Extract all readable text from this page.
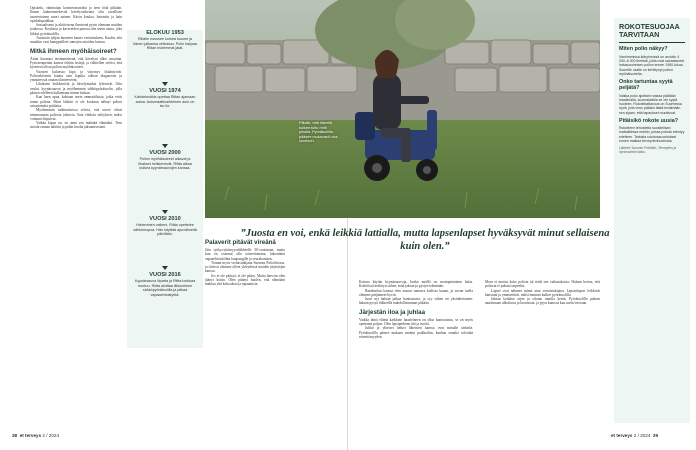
Opiskelu, valmistuin kosmetonomiksi ja teen töitä pitkään. Ennen käänteentekevää kävelyvaikeutta olin tavallisen tasavertainen nuori nainen. Kävin koulua, harrastin ja hain opiskelupaikkaa.

Sosiaalisena ja aktiivisena ihmisenä pyrin olemaan muiden joukossa. Koulussa ja kavereiden parissa olin usein ainoa, joka liikkui pyörätuolilla.

Tutustuin tyhjän huoneen kautta vertaistukeen. Kuulin, että muutkin ovat kamppailleet samojen asioiden kanssa.

Mitkä ihmeen myöhäisoireet?

Äitini huomasi ensimmäisenä, että kävelyni alkoi muuttua. Fysioterapeutin kanssa tehtiin testejä, ja vähitellen selvisi, että kyseessä olivat polion myöhäisoireet.

Vuosien kuluessa kipu ja väsymys lisääntyivät. Poliorekisterin kautta sain lopulta oikean diagnoosin ja ymmärrystä omaan tilanteeseeni.

Lihakseni heikkenivät ja kävelymatkat lyhenivät. Otin avuksi kyynärsauvat ja myöhemmin sähköpyörätuolin, jolla pääsen edelleen kulkemaan minne haluan.

Kun haen apua, kohtaan usein ammattilaisia, jotka eivät tunne poliota. Moni lääkäri ei ole koskaan nähnyt polion sairastanutta potilasta.

Myöhemmin tutkimuksissa selvisi, että oireet olivat nimenomaan poliosta johtuvia. Sain vihdoin selityksen, miksi voimani hiipuivat.

Vaikka kipua on, en anna sen määrätä elämääni. Teen asioita omaan tahtiini ja pidän huolta jaksamisestani.

ELOKUU 1953
Riitalle noussee korkea kuume ja hänen jalkansa veltostuu. Polio haljuaa Riitan molemmat jalat.
VUOSI 1974
Kahdeksidöis opettaa Riitan ajamaan autoa. Automaattivaihteinen auto on iso ilo.
VUOSI 2000
Polion myöhäisoireet alkavat ja lihakset heikkenevät. Riitta alkaa kulkea kyynärsauvojen kanssa.
VUOSI 2010
Hieiemmen valkeni, Riitta opettelee sähkömopoa. Hän käyttää apuvälineitä päivittäin.
VUOSI 2016
Kyynärsauva liiparta ja Riitta lonkkaa murtuu. Riitta aloittaa liikkumisen sähköpyörätuolilla ja jatkaa vapaaehtoistyötä.
Riitalle, että hänellä kulkee tuttu reitti pihalla. Pyörätuolilla pääsee mukavasti ulos luontoon.
”Juosta en voi, enkä leikkiä lattialla, mutta lapsenlapset hyväksyvät minut sellaisena kuin olen.”
Palaverit pitävät vireänä

Jäin työkyvyttömyyseläkkeelle 50-vuotiaana, mutta kun en osannut olla toimettomana, hakeuduin vapaaehtoistöihin kaupungille ja seurakuntaan.

Toimin myös vertaistukijana Suomen Poliolittossa, ja tiiviisti olemme olleet yhteydessä muiden järjestöjen kanssa.

Jos ei ole pääsyä, ei ole pääsy. Mutta harvoin olen jäänyt kotiin. Olen pitänyt huolen, että elämääni mahtuu yhä kokouksia ja tapaamisia.

Kotona käytän kyynärsauvoja, koska meillä on mattopintainen lattia. Kotitöissä keskityn siihen, mitä jaksan ja pystyn tekemään.

Ramboolun kanssa olen asunut samassa kodissa kauan, ja suvun tuella olemme pärjänneet hyvin.

Juuri nyt haluan jatkaa kuntoutusta, ja syy siihen on yksinkertainen: haluan pysyä liikkeellä mahdollisimman pitkään.

Järjestän iloa ja juhlaa

Vaikka tämä elämä kaikkine haasteineen on ollut kuntoutusta, se on myös opettanut paljon. Olen lapsiperheen äiti ja isoäiti.

Juhlat ja yhteiset hetket läheisten kanssa ovat minulle tärkeitä. Pyörätuolilla pääsee mukaan moniin paikkoihin, kunhan ennalta selvittää esteettömyyden.

Moni ei muista koko poliota tai tiedä sen vaikutuksista. Haluan kertoa, että poliosta ei puhuta tarpeeksi.

Lapset ovat nähneet minut aina vertaistukijana. Lapsenlapset leikkivät kanssani ja ymmärtävät, miksi mummi kulkee pyörätuolilla.

Jaksan kohdata arjen ja odotan innolla kesää. Pyörätuolilla pääsen nauttimaan ulkoilusta ja luonnosta, ja pyyn kumosa kuu usein toiviaan.

ROKOTESUOJAA TARVITAAN
Miten polio näkyy?
Vanhimmissa ikäryhmissä on arvioitu 4 000–6 000 ihmistä, joilla ovat sairastaneet halvausoireisen polion ennen 1960-lukua. Suurelle osalle on kehittynyt polion myöhäisoireita.
Onko tartuntaa syytä peljätä?
Vaikka polio ajoittain nostaa päätään maailmalla, suomalaisilla se ole syytä huoleen. Rokotekattavuus on Suomessa hyvä, jolla virus pääsisi tästä leviämään sen sijaan, että tapaukset muuttuvat.
Pitäisikö rokote uusia?
Rokotteen tehosteita suositellaan matkaillessa maihin, joissa poliota esiintyy edelleen. Tarkista rokotussuositukset ennen matkaa terveydenhuollosta.
Lähteet: Suomen Poliolitto, Terveyden ja hyvinvoinnin laitos.
38 et terveys 2 / 2024	et terveys 2 / 2024 39
